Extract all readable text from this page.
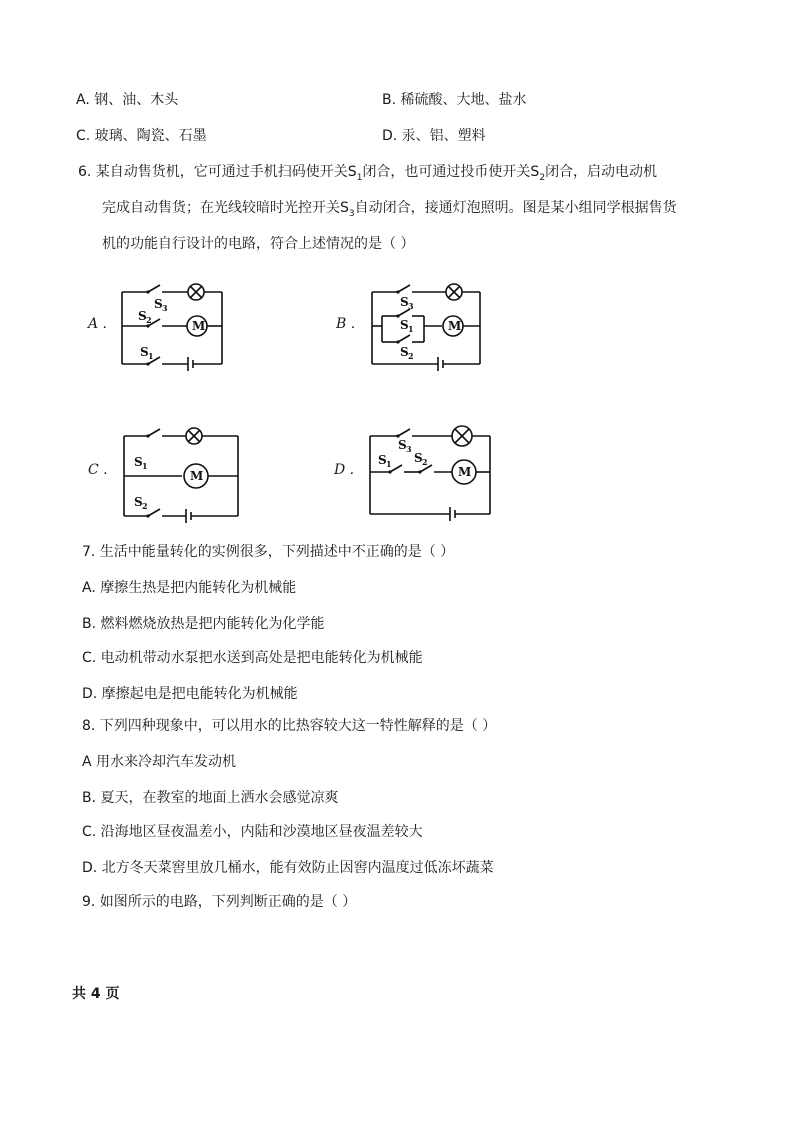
A. 钢、油、木头	B. 稀硫酸、大地、盐水
C. 玻璃、陶瓷、石墨	D. 汞、铝、塑料
6. 某自动售货机，它可通过手机扫码使开关$S_1$闭合，也可通过投币使开关$S_2$闭合，启动电动机
完成自动售货；在光线较暗时光控开关$S_3$自动闭合，接通灯泡照明。图是某小组同学根据售货
机的功能自行设计的电路，符合上述情况的是（ ）
A .
S 3
M
S 2
S 1
B .
S 3
M
S 1
S 2
C .	M
S 1
S 2
D .
S 3
M
S 1 S 2
7. 生活中能量转化的实例很多，下列描述中不正确的是（ ）
A. 摩擦生热是把内能转化为机械能
B. 燃料燃烧放热是把内能转化为化学能
C. 电动机带动水泵把水送到高处是把电能转化为机械能
D. 摩擦起电是把电能转化为机械能
8. 下列四种现象中，可以用水的比热容较大这一特性解释的是（ ）
A 用水来冷却汽车发动机
B. 夏天，在教室的地面上洒水会感觉凉爽
C. 沿海地区昼夜温差小，内陆和沙漠地区昼夜温差较大
D. 北方冬天菜窖里放几桶水，能有效防止因窖内温度过低冻坏蔬菜
9. 如图所示的电路，下列判断正确的是（ ）
共 4 页
